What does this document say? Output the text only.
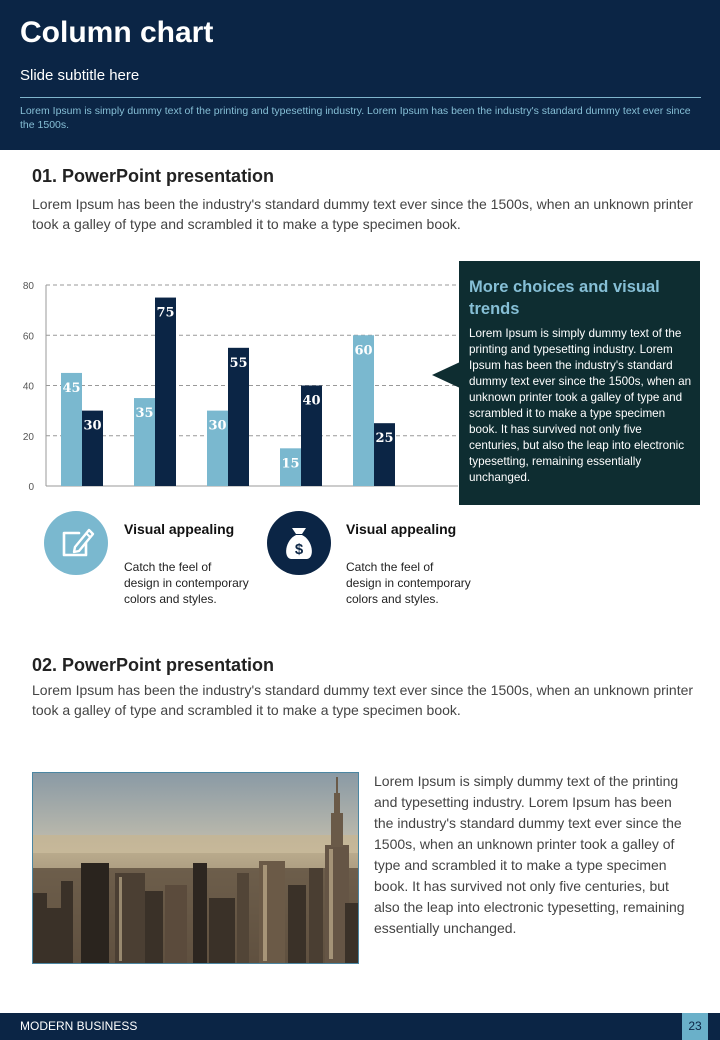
Column chart
Slide subtitle here
Lorem Ipsum is simply dummy text of the printing and typesetting industry. Lorem Ipsum has been the industry's standard dummy text ever since the 1500s.
01. PowerPoint presentation
Lorem Ipsum has been the industry's standard dummy text ever since the 1500s, when an unknown printer took a galley of type and scrambled it to make a type specimen book.
0
20
40
60
80
45
30
35
75
30
55
15
40
60
25
More choices and visual trends
Lorem Ipsum is simply dummy text of the printing and typesetting industry. Lorem Ipsum has been the industry's standard dummy text ever since the 1500s, when an unknown printer took a galley of type and scrambled it to make a type specimen book. It has survived not only five centuries, but also the leap into electronic typesetting, remaining essentially unchanged.
Visual appealing
Catch the feel of design in contemporary colors and styles.
$
Visual appealing
Catch the feel of design in contemporary colors and styles.
02. PowerPoint presentation
Lorem Ipsum has been the industry's standard dummy text ever since the 1500s, when an unknown printer took a galley of type and scrambled it to make a type specimen book.
Lorem Ipsum is simply dummy text of the printing and typesetting industry. Lorem Ipsum has been the industry's standard dummy text ever since the 1500s, when an unknown printer took a galley of type and scrambled it to make a type specimen book. It has survived not only five centuries, but also the leap into electronic typesetting, remaining essentially unchanged.
MODERN BUSINESS	23
